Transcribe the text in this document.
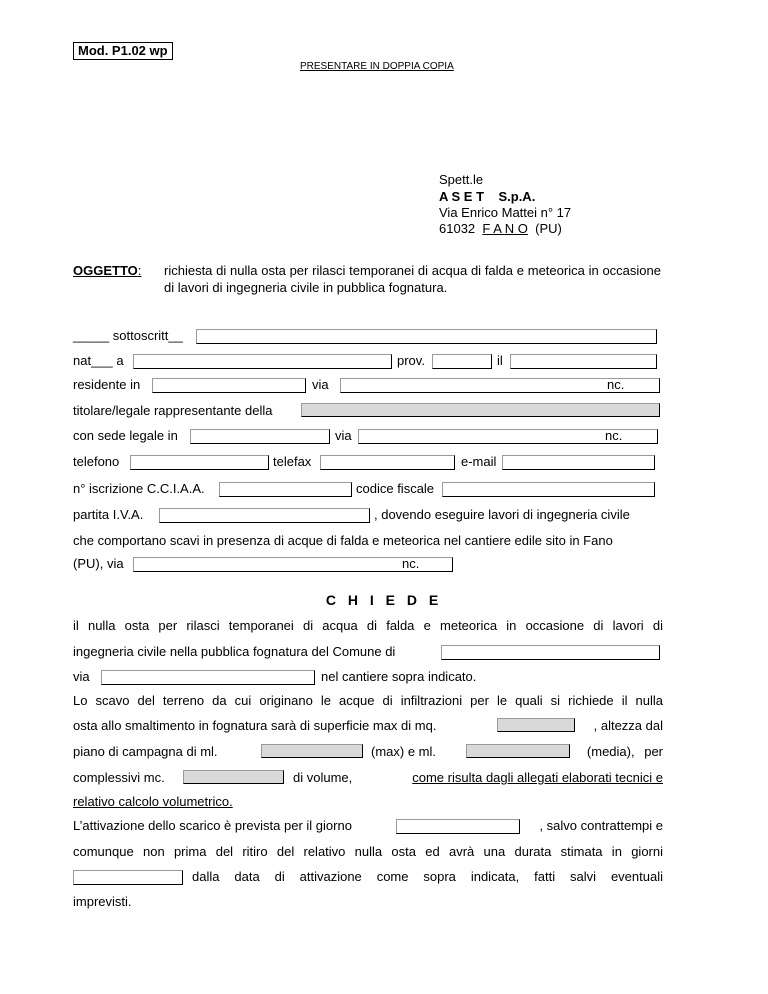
Mod. P1.02 wp
PRESENTARE IN DOPPIA COPIA
Spett.le
A S E T    S.p.A.
Via Enrico Mattei n° 17
61032 F A N O (PU)
OGGETTO: richiesta di nulla osta per rilasci temporanei di acqua di falda e meteorica in occasione di lavori di ingegneria civile in pubblica fognatura.
_____ sottoscritt__
nat___ a	prov.	il
residente in	via	nc.
titolare/legale rappresentante della
con sede legale in	via	nc.
telefono	telefax	e-mail
n° iscrizione C.C.I.A.A.	codice fiscale
partita I.V.A.	, dovendo eseguire lavori di ingegneria civile
che comportano scavi in presenza di acque di falda e meteorica nel cantiere edile sito in Fano
(PU), via	nc.
C H I E D E
il nulla osta per rilasci temporanei di acqua di falda e meteorica in occasione di lavori di
ingegneria civile nella pubblica fognatura del Comune di
via	nel cantiere sopra indicato.
Lo scavo del terreno da cui originano le acque di infiltrazioni per le quali si richiede il nulla
osta allo smaltimento in fognatura sarà di superficie max di mq.	, altezza dal
piano di campagna di ml.	(max) e ml.	(media), per
complessivi mc.	di volume,	come risulta dagli allegati elaborati tecnici e
relativo calcolo volumetrico.
L’attivazione dello scarico è prevista per il giorno	, salvo contrattempi e
comunque non prima del ritiro del relativo nulla osta ed avrà una durata stimata in giorni
dalla data di attivazione come sopra indicata, fatti salvi eventuali
imprevisti.
